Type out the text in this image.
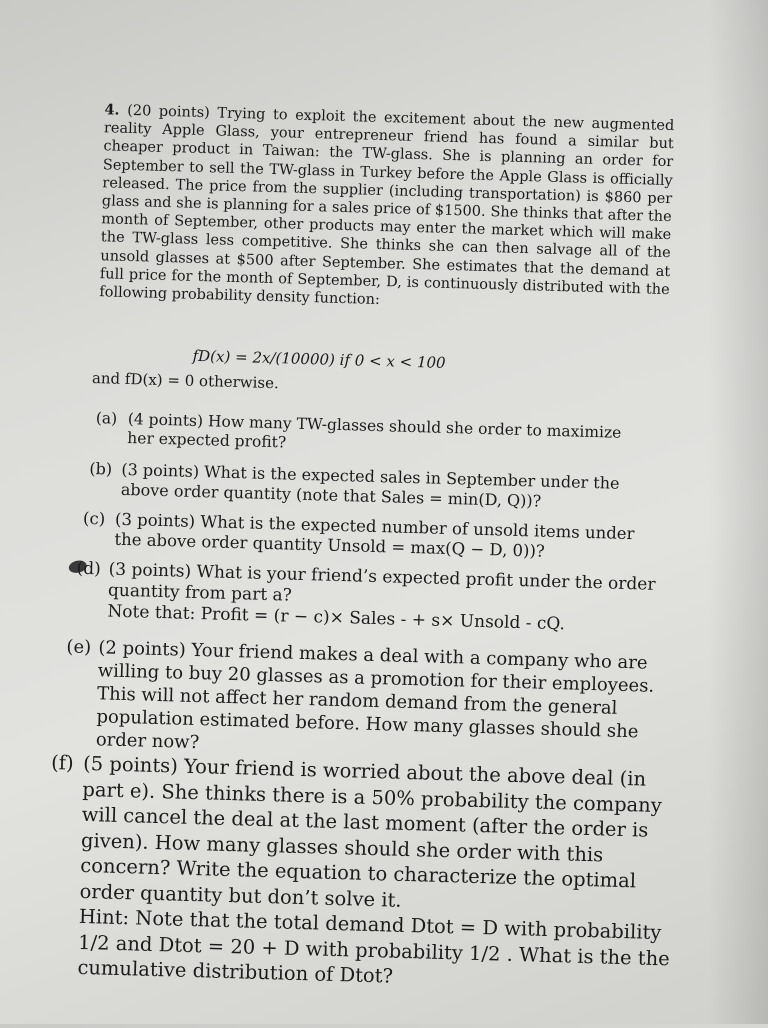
4. (20 points) Trying to exploit the excitement about the new augmented reality Apple Glass, your entrepreneur friend has found a similar but cheaper product in Taiwan: the TW-glass. She is planning an order for September to sell the TW-glass in Turkey before the Apple Glass is officially released. The price from the supplier (including transportation) is $860 per glass and she is planning for a sales price of $1500. She thinks that after the month of September, other products may enter the market which will make the TW-glass less competitive. She thinks she can then salvage all of the unsold glasses at $500 after September. She estimates that the demand at full price for the month of September, D, is continuously distributed with the following probability density function:
fD(x) = 2x/(10000) if 0 < x < 100
and fD(x) = 0 otherwise.
(a) (4 points) How many TW-glasses should she order to maximize her expected profit?
(b) (3 points) What is the expected sales in September under the above order quantity (note that Sales = min(D, Q))?
(c) (3 points) What is the expected number of unsold items under the above order quantity Unsold = max(Q − D, 0))?
(d) (3 points) What is your friend’s expected profit under the order quantity from part a?
Note that: Profit = (r − c)× Sales - + s× Unsold - cQ.
(e) (2 points) Your friend makes a deal with a company who are willing to buy 20 glasses as a promotion for their employees. This will not affect her random demand from the general population estimated before. How many glasses should she order now?
(f) (5 points) Your friend is worried about the above deal (in part e). She thinks there is a 50% probability the company will cancel the deal at the last moment (after the order is given). How many glasses should she order with this concern? Write the equation to characterize the optimal order quantity but don’t solve it.
Hint: Note that the total demand Dtot = D with probability 1/2 and Dtot = 20 + D with probability 1/2 . What is the the cumulative distribution of Dtot?
